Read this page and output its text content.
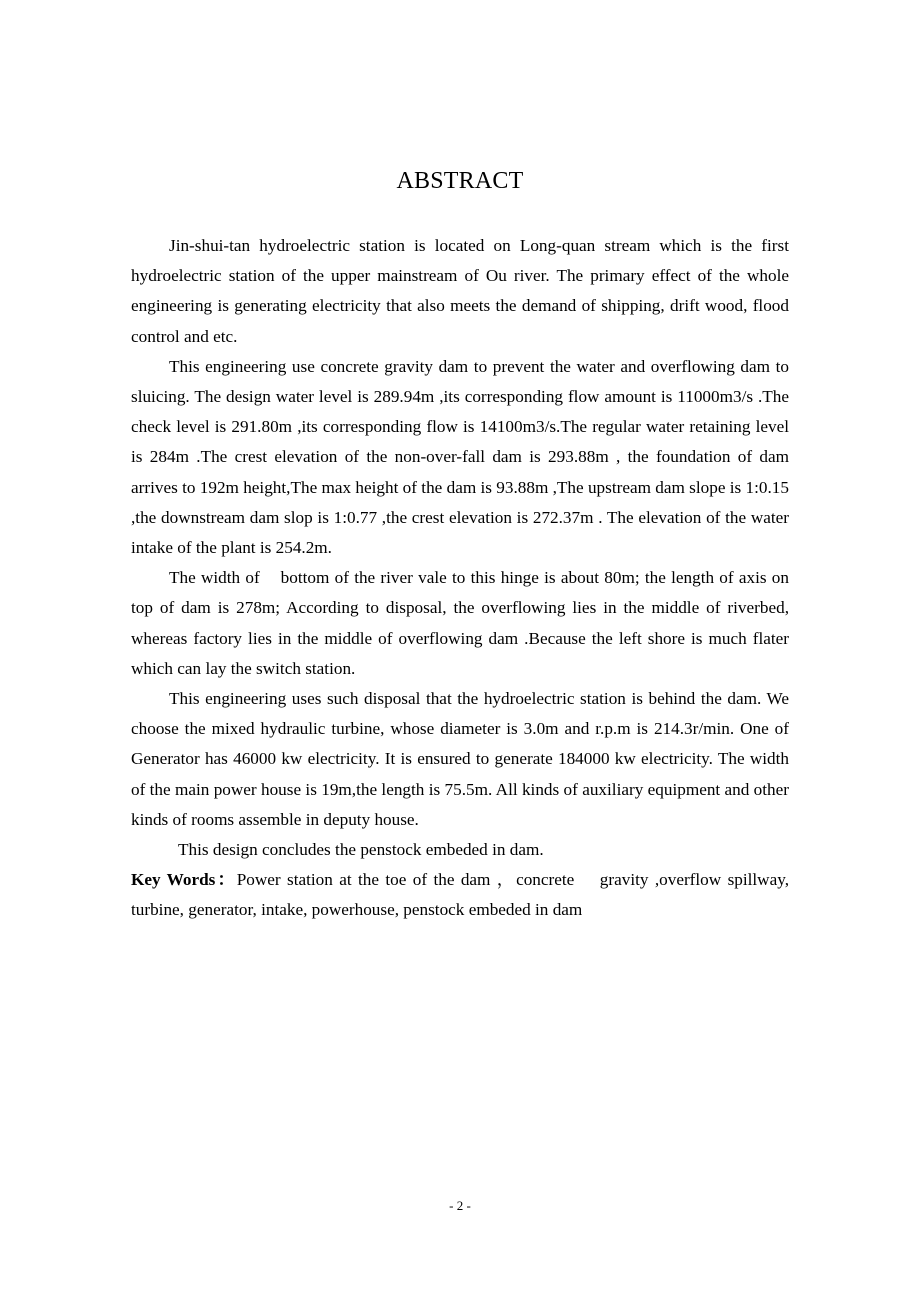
ABSTRACT

Jin-shui-tan hydroelectric station is located on Long-quan stream which is the first hydroelectric station of the upper mainstream of Ou river. The primary effect of the whole engineering is generating electricity that also meets the demand of shipping, drift wood, flood control and etc.

This engineering use concrete gravity dam to prevent the water and overflowing dam to sluicing. The design water level is 289.94m ,its corresponding flow amount is 11000m3/s .The check level is 291.80m ,its corresponding flow is 14100m3/s.The regular water retaining level is 284m .The crest elevation of the non-over-fall dam is 293.88m , the foundation of dam arrives to 192m height,The max height of the dam is 93.88m ,The upstream dam slope is 1:0.15 ,the downstream dam slop is 1:0.77 ,the crest elevation is 272.37m . The elevation of the water intake of the plant is 254.2m.

The width of    bottom of the river vale to this hinge is about 80m; the length of axis on top of dam is 278m; According to disposal, the overflowing lies in the middle of riverbed, whereas factory lies in the middle of overflowing dam .Because the left shore is much flater which can lay the switch station.

This engineering uses such disposal that the hydroelectric station is behind the dam. We choose the mixed hydraulic turbine, whose diameter is 3.0m and r.p.m is 214.3r/min. One of Generator has 46000 kw electricity. It is ensured to generate 184000 kw electricity. The width of the main power house is 19m,the length is 75.5m. All kinds of auxiliary equipment and other kinds of rooms assemble in deputy house.

This design concludes the penstock embeded in dam.

Key Words：Power station at the toe of the dam ，concrete    gravity ,overflow spillway, turbine, generator, intake, powerhouse, penstock embeded in dam

- 2 -
